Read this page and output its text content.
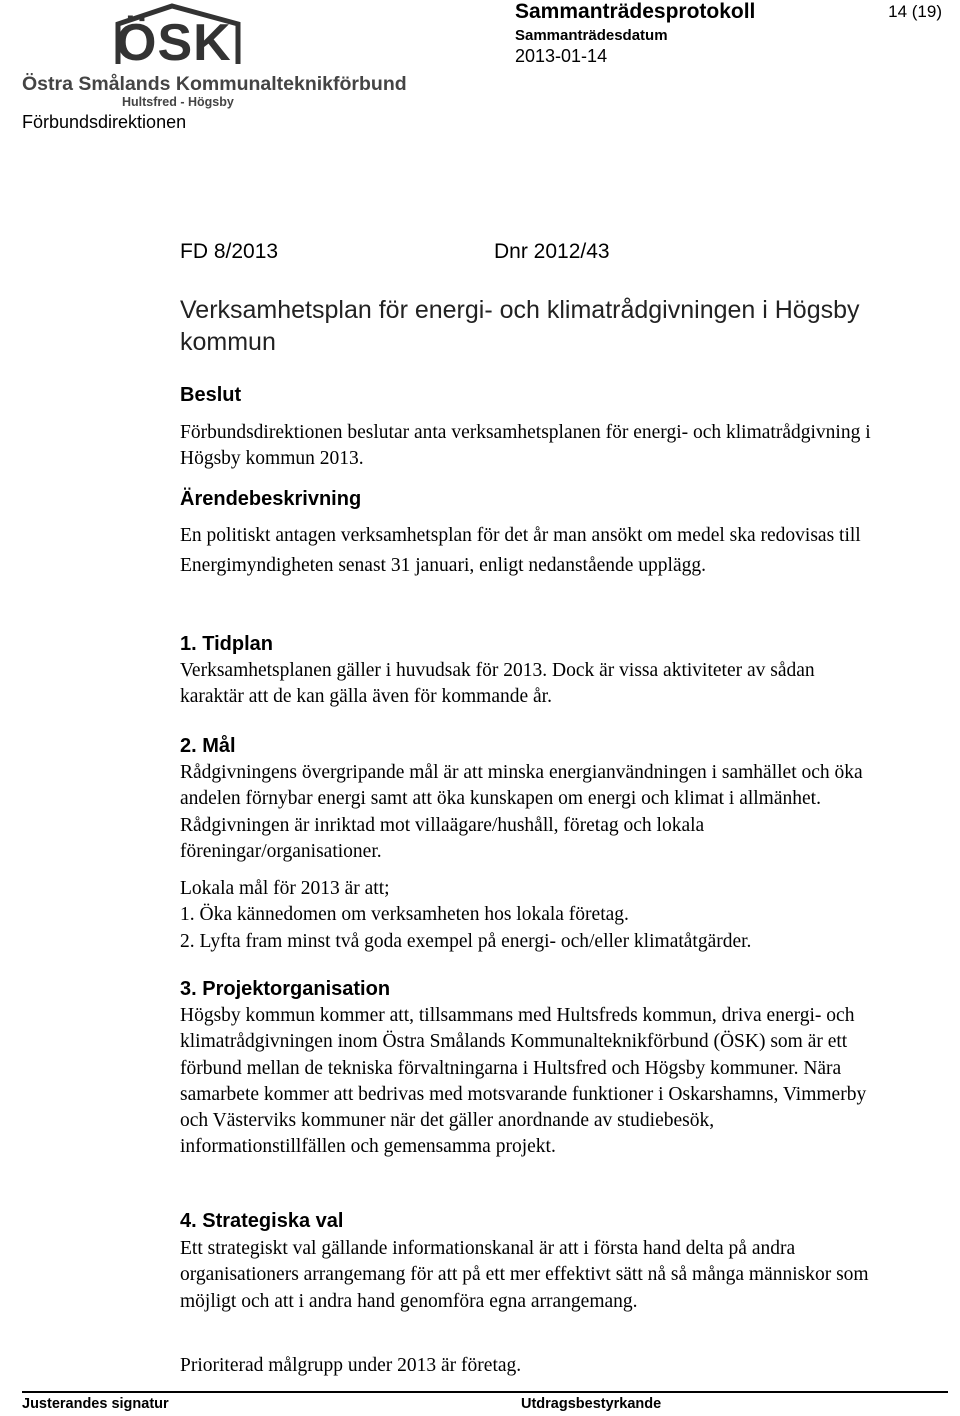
ÖSK
Östra Smålands Kommunalteknikförbund
Hultsfred - Högsby
Förbundsdirektionen
Sammanträdesprotokoll
Sammanträdesdatum
2013-01-14
14 (19)
FD 8/2013	Dnr 2012/43
Verksamhetsplan för energi- och klimatrådgivningen i Högsby kommun
Beslut
Förbundsdirektionen beslutar anta verksamhetsplanen för energi- och klimatrådgivning i Högsby kommun 2013.
Ärendebeskrivning
En politiskt antagen verksamhetsplan för det år man ansökt om medel ska redovisas till Energimyndigheten senast 31 januari, enligt nedanstående upplägg.
1. Tidplan
Verksamhetsplanen gäller i huvudsak för 2013. Dock är vissa aktiviteter av sådan karaktär att de kan gälla även för kommande år.
2. Mål
Rådgivningens övergripande mål är att minska energianvändningen i samhället och öka andelen förnybar energi samt att öka kunskapen om energi och klimat i allmänhet. Rådgivningen är inriktad mot villaägare/hushåll, företag och lokala föreningar/organisationer.
Lokala mål för 2013 är att;
1. Öka kännedomen om verksamheten hos lokala företag.
2. Lyfta fram minst två goda exempel på energi- och/eller klimatåtgärder.
3. Projektorganisation
Högsby kommun kommer att, tillsammans med Hultsfreds kommun, driva energi- och klimatrådgivningen inom Östra Smålands Kommunalteknikförbund (ÖSK) som är ett förbund mellan de tekniska förvaltningarna i Hultsfred och Högsby kommuner. Nära samarbete kommer att bedrivas med motsvarande funktioner i Oskarshamns, Vimmerby och Västerviks kommuner när det gäller anordnande av studiebesök, informationstillfällen och gemensamma projekt.
4. Strategiska val
Ett strategiskt val gällande informationskanal är att i första hand delta på andra organisationers arrangemang för att på ett mer effektivt sätt nå så många människor som möjligt och att i andra hand genomföra egna arrangemang.
Prioriterad målgrupp under 2013 är företag.
Justerandes signatur	Utdragsbestyrkande
